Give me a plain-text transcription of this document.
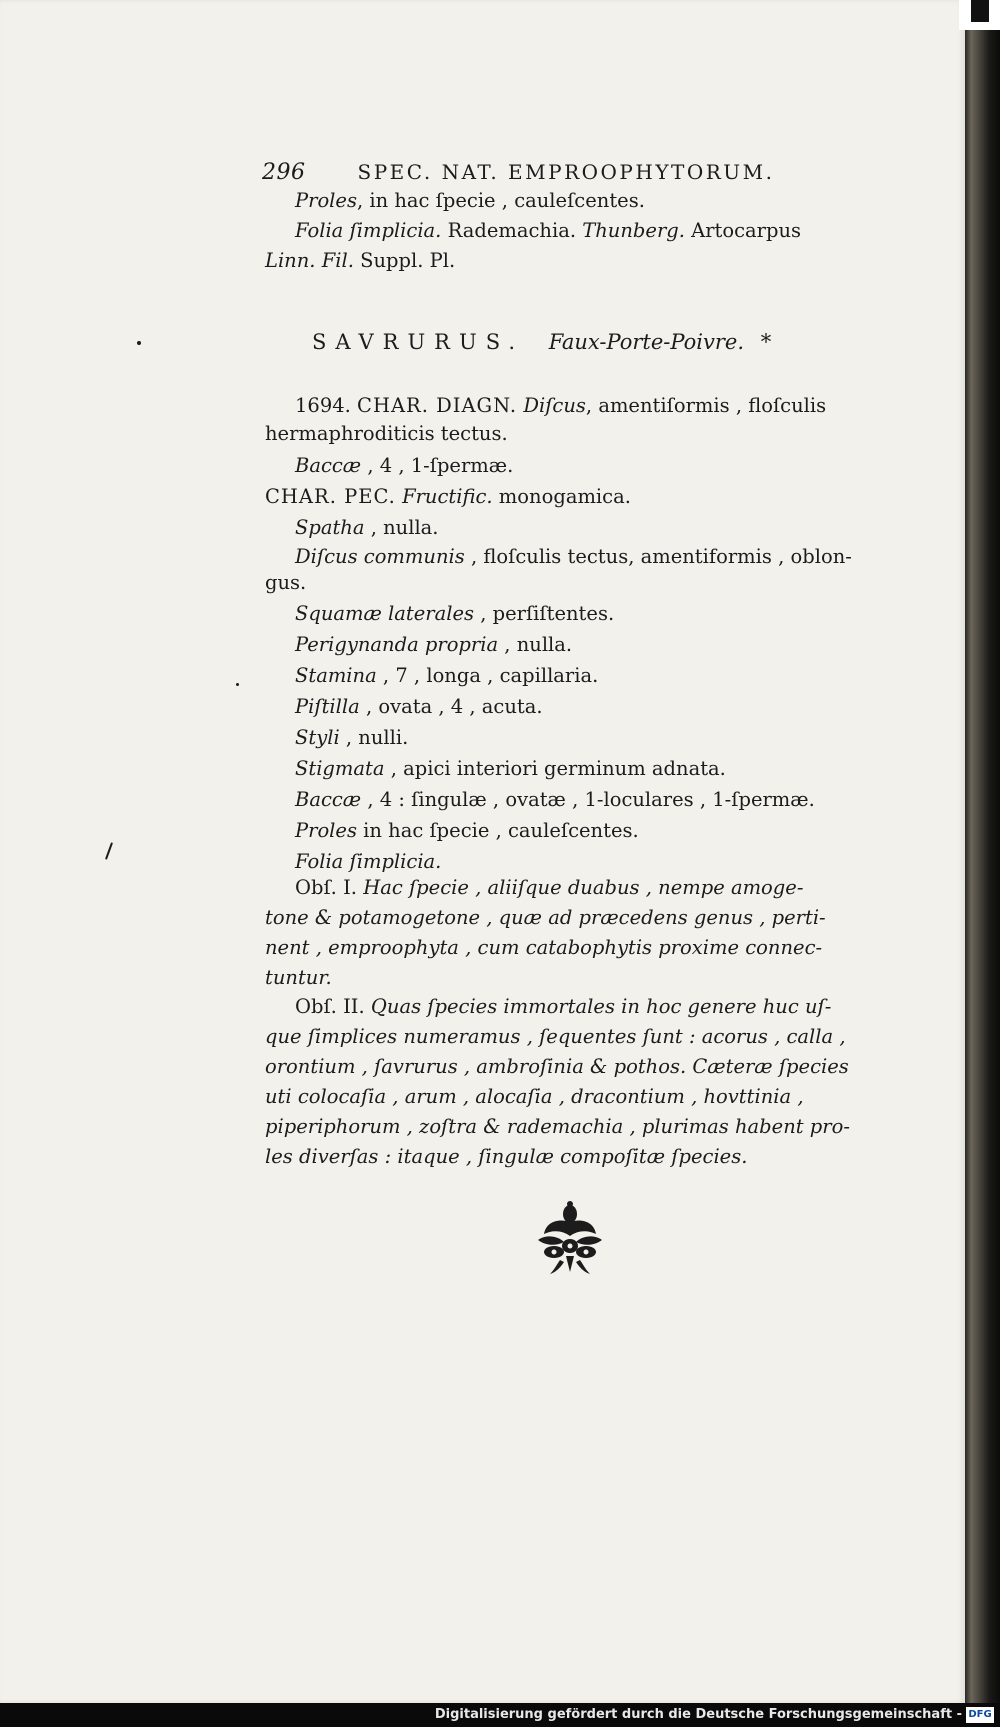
296	SPEC. NAT. EMPROOPHYTORUM.
Proles, in hac ſpecie , cauleſcentes.
Folia ſimplicia. Rademachia. Thunberg. Artocarpus
Linn. Fil. Suppl. Pl.
SAVRURUS. Faux-Porte-Poivre. *
1694. CHAR. DIAGN. Diſcus, amentiſormis , floſculis
hermaphroditicis tectus.
Baccæ , 4 , 1-ſpermæ.
CHAR. PEC. Fructific. monogamica.
Spatha , nulla.
Diſcus communis , floſculis tectus, amentiformis , oblon-
gus.
Squamæ laterales , perſiſtentes.
Perigynanda propria , nulla.
Stamina , 7 , longa , capillaria.
Piſtilla , ovata , 4 , acuta.
Styli , nulli.
Stigmata , apici interiori germinum adnata.
Baccæ , 4 : ſingulæ , ovatæ , 1-loculares , 1-ſpermæ.
Proles in hac ſpecie , cauleſcentes.
Folia ſimplicia.
Obſ. I. Hac ſpecie , aliiſque duabus , nempe amoge-
tone & potamogetone , quæ ad præcedens genus , perti-
nent , emproophyta , cum catabophytis proxime connec-
tuntur.
Obſ. II. Quas ſpecies immortales in hoc genere huc uſ-
que ſimplices numeramus , ſequentes ſunt : acorus , calla ,
orontium , ſavrurus , ambroſinia & pothos. Cæteræ ſpecies
uti colocaſia , arum , alocaſia , dracontium , hovttinia ,
piperiphorum , zoſtra & rademachia , plurimas habent pro-
les diverſas : itaque , ſingulæ compoſitæ ſpecies.
Digitalisierung gefördert durch die Deutsche Forschungsgemeinschaft - DFG
